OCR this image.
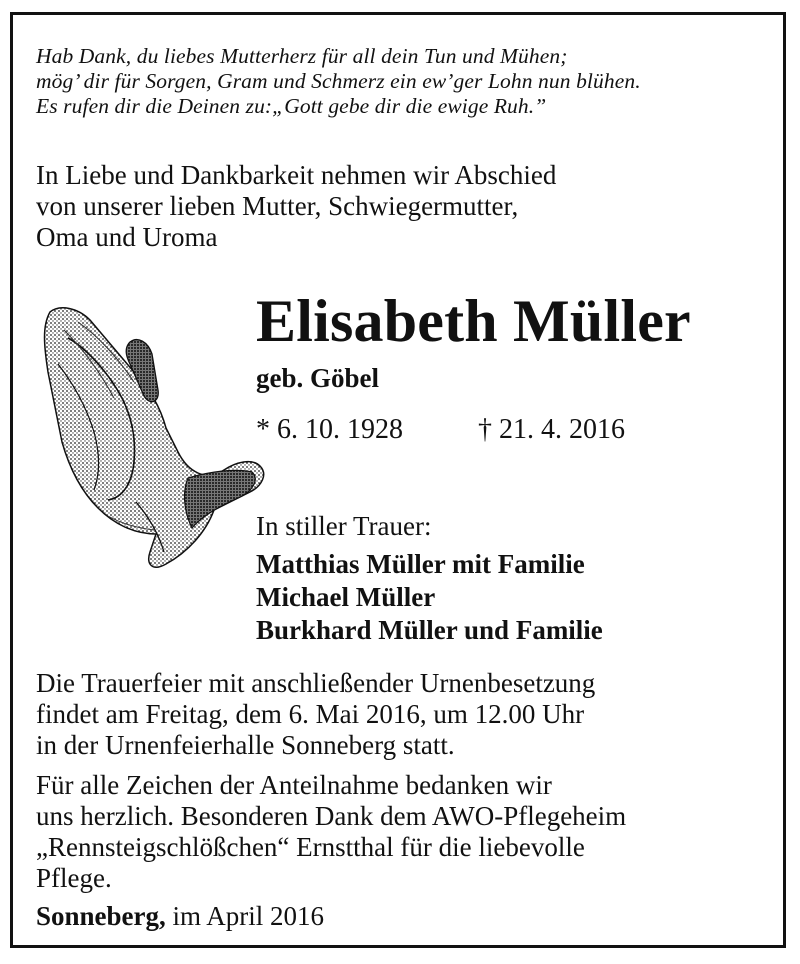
Hab Dank, du liebes Mutterherz für all dein Tun und Mühen;
mög’ dir für Sorgen, Gram und Schmerz ein ew’ger Lohn nun blühen.
Es rufen dir die Deinen zu:„Gott gebe dir die ewige Ruh.”
In Liebe und Dankbarkeit nehmen wir Abschied
von unserer lieben Mutter, Schwiegermutter,
Oma und Uroma
Elisabeth Müller
geb. Göbel
* 6. 10. 1928	† 21. 4. 2016
In stiller Trauer:
Matthias Müller mit Familie
Michael Müller
Burkhard Müller und Familie
Die Trauerfeier mit anschließender Urnenbesetzung
findet am Freitag, dem 6. Mai 2016, um 12.00 Uhr
in der Urnenfeierhalle Sonneberg statt.
Für alle Zeichen der Anteilnahme bedanken wir
uns herzlich. Besonderen Dank dem AWO-Pflegeheim
„Rennsteigschlößchen“ Ernstthal für die liebevolle
Pflege.
Sonneberg, im April 2016
